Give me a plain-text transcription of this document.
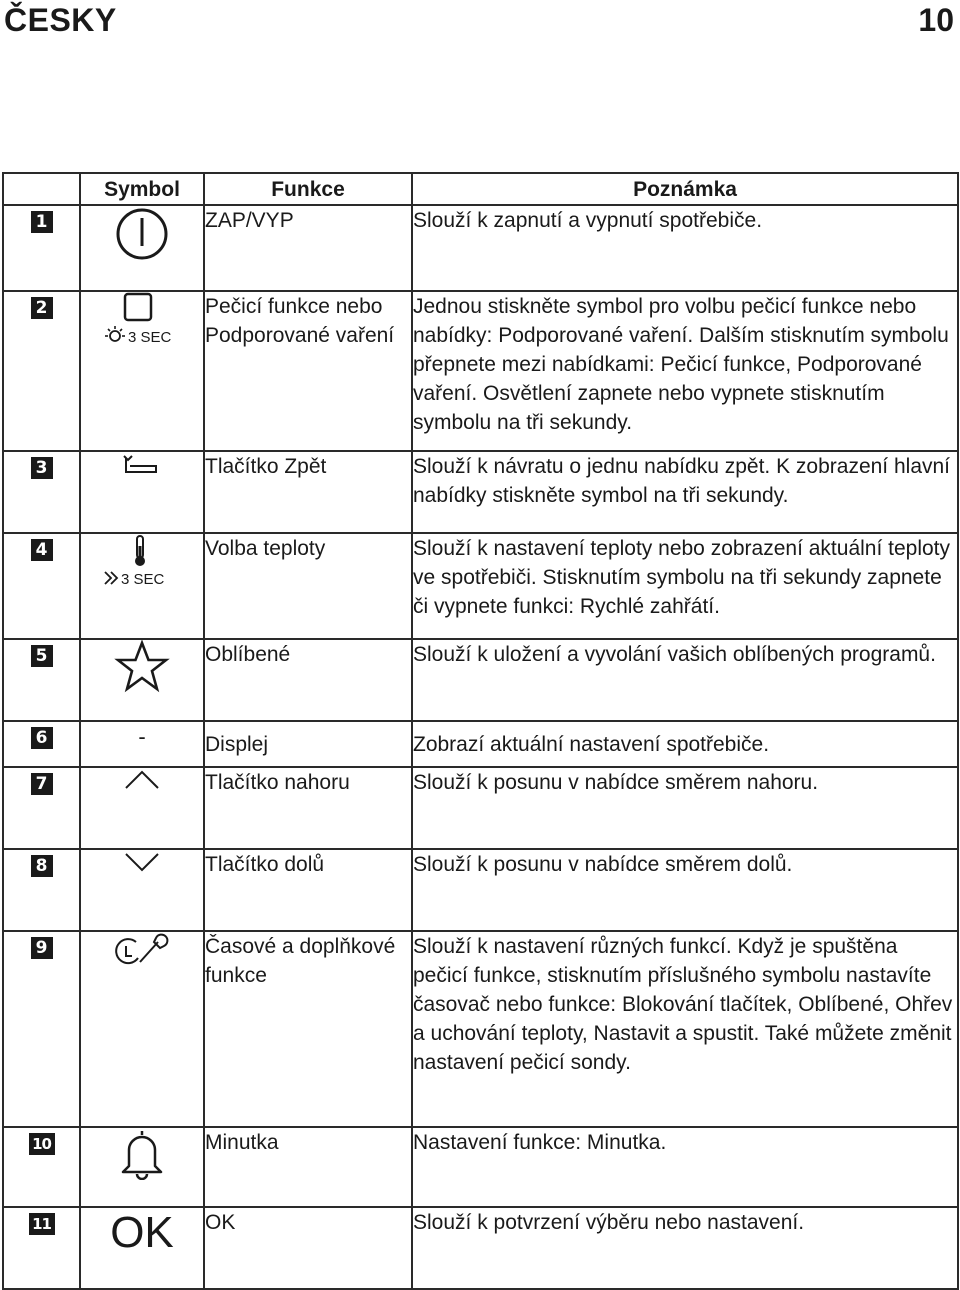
ČESKY	10
	Symbol	Funkce	Poznámka
1		ZAP/VYP	Slouží k zapnutí a vypnutí spotřebiče.
2	3 SEC	Pečicí funkce nebo Podporované vaření	Jednou stiskněte symbol pro volbu pečicí funkce nebo nabídky: Podporované vaření. Dalším stisknutím symbolu přepnete mezi nabídkami: Pečicí funkce, Podporované vaření. Osvětlení zapnete nebo vypnete stisknutím symbolu na tři sekundy.
3		Tlačítko Zpět	Slouží k návratu o jednu nabídku zpět. K zobrazení hlavní nabídky stiskněte symbol na tři sekundy.
4	3 SEC	Volba teploty	Slouží k nastavení teploty nebo zobrazení aktuální teploty ve spotřebiči. Stisknutím symbolu na tři sekundy zapnete či vypnete funkci: Rychlé zahřátí.
5		Oblíbené	Slouží k uložení a vyvolání vašich oblíbených programů.
6	-	Displej	Zobrazí aktuální nastavení spotřebiče.
7		Tlačítko nahoru	Slouží k posunu v nabídce směrem nahoru.
8		Tlačítko dolů	Slouží k posunu v nabídce směrem dolů.
9		Časové a doplňkové funkce	Slouží k nastavení různých funkcí. Když je spuštěna pečicí funkce, stisknutím příslušného symbolu nastavíte časovač nebo funkce: Blokování tlačítek, Oblíbené, Ohřev a uchování teploty, Nastavit a spustit. Také můžete změnit nastavení pečicí sondy.
10		Minutka	Nastavení funkce: Minutka.
11	OK	OK	Slouží k potvrzení výběru nebo nastavení.
